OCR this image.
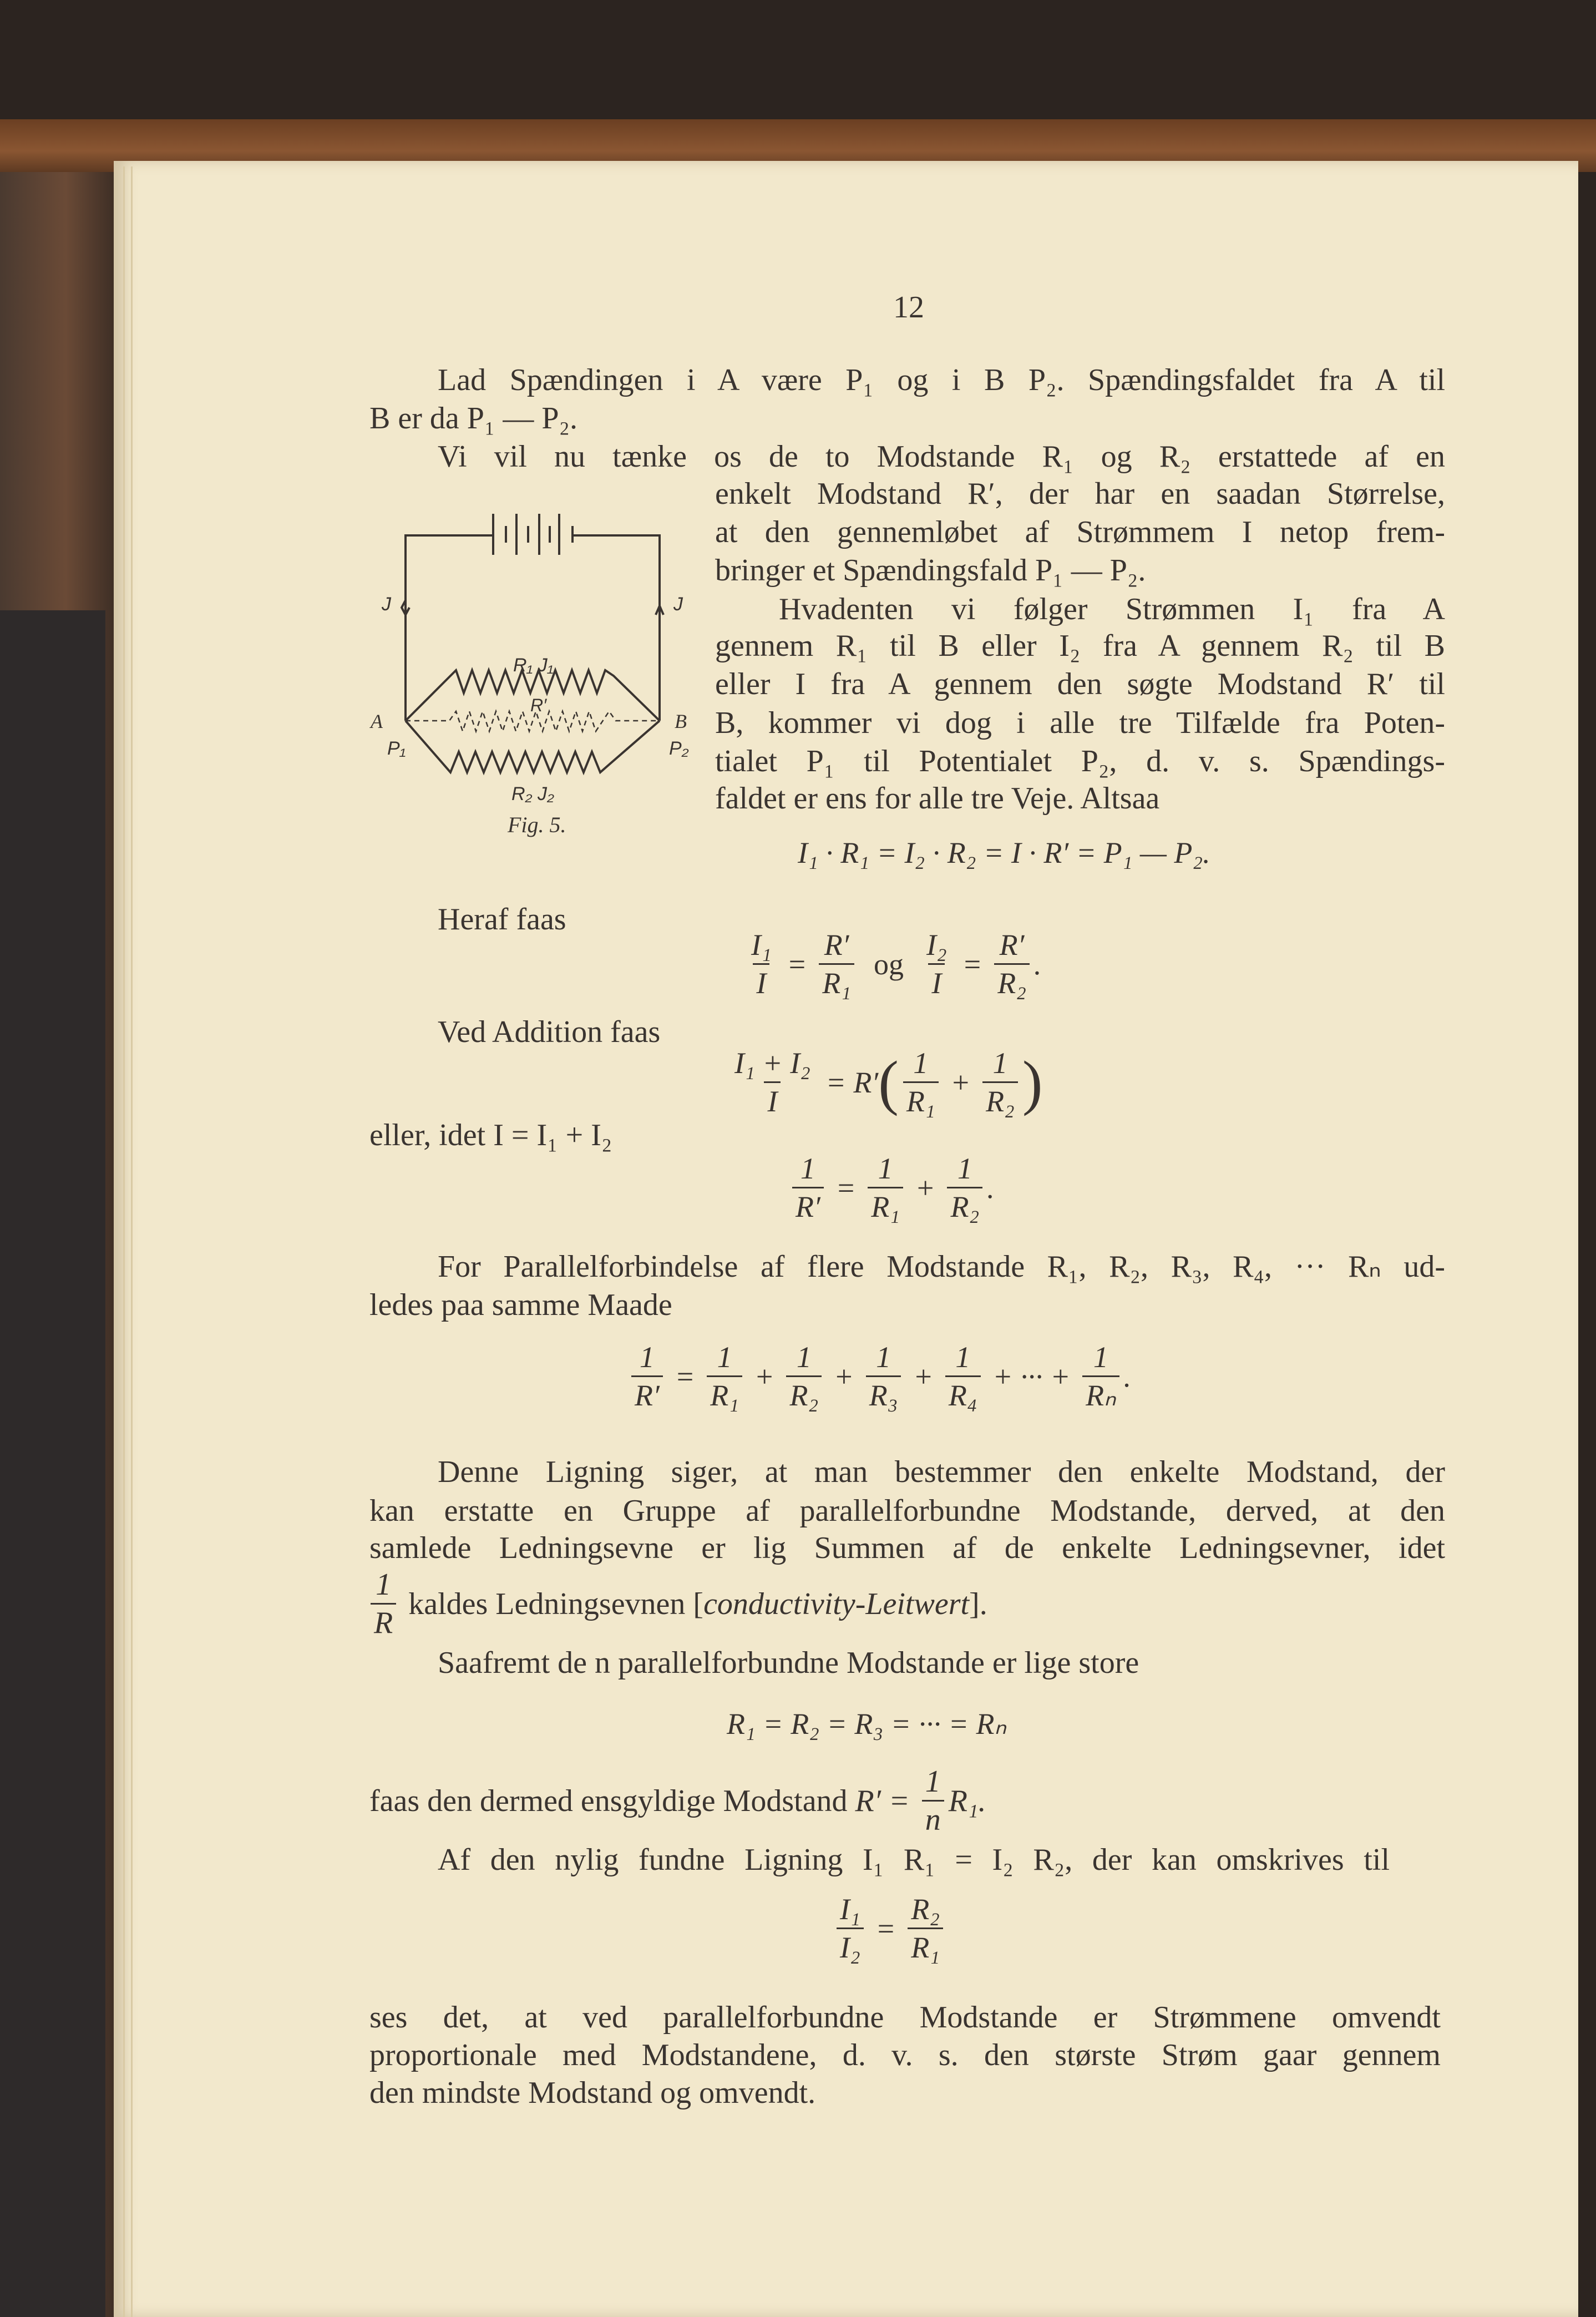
12
Lad Spændingen i A være P₁ og i B P₂. Spændingsfaldet fra A til
B er da P₁ — P₂.
Vi vil nu tænke os de to Modstande R₁ og R₂ erstattede af en
enkelt Modstand R′, der har en saadan Størrelse,
at den gennemløbet af Strømmem I netop frem-
bringer et Spændingsfald P₁ — P₂.
Hvadenten vi følger Strømmen I₁ fra A
gennem R₁ til B eller I₂ fra A gennem R₂ til B
eller I fra A gennem den søgte Modstand R′ til
B, kommer vi dog i alle tre Tilfælde fra Poten-
tialet P₁ til Potentialet P₂, d. v. s. Spændings-
faldet er ens for alle tre Veje. Altsaa
J	J
R₁ J₁
R′
A	B
P₁	P₂
R₂ J₂
Fig. 5.
I₁ · R₁ = I₂ · R₂ = I · R′ = P₁ — P₂.
Heraf faas
$\frac{\text{I₁}}{I} = \frac{R'}{\text{R₁}}$ og $\frac{\text{I₂}}{I} = \frac{R'}{\text{R₂}}$ .
Ved Addition faas
$\frac{\text{I₁ + I₂}}{I} = R'$ ( $\frac{1}{\text{R₁}} + \frac{1}{\text{R₂}}$ )
eller, idet I = I₁ + I₂
$\frac{1}{R'} = \frac{1}{\text{R₁}} + \frac{1}{\text{R₂}}$ .
For Parallelforbindelse af flere Modstande R₁, R₂, R₃, R₄, ··· Rₙ ud-
ledes paa samme Maade
$\frac{1}{R'} = \frac{1}{\text{R₁}} + \frac{1}{\text{R₂}} + \frac{1}{\text{R₃}} + \frac{1}{\text{R₄}}$ + ··· + $\frac{1}{\text{Rₙ}}$ .
Denne Ligning siger, at man bestemmer den enkelte Modstand, der
kan erstatte en Gruppe af parallelforbundne Modstande, derved, at den
samlede Ledningsevne er lig Summen af de enkelte Ledningsevner, idet
$\frac{1}{R}$ kaldes Ledningsevnen [ conductivity-Leitwert ].
Saafremt de n parallelforbundne Modstande er lige store
R₁ = R₂ = R₃ = ··· = Rₙ
faas den dermed ensgyldige Modstand $R' = \frac{1}{n} R_1$.
Af den nylig fundne Ligning I₁ R₁ = I₂ R₂, der kan omskrives til
$\frac{\text{I₁}}{\text{I₂}} = \frac{\text{R₂}}{\text{R₁}}$
ses det, at ved parallelforbundne Modstande er Strømmene omvendt
proportionale med Modstandene, d. v. s. den største Strøm gaar gennem
den mindste Modstand og omvendt.
